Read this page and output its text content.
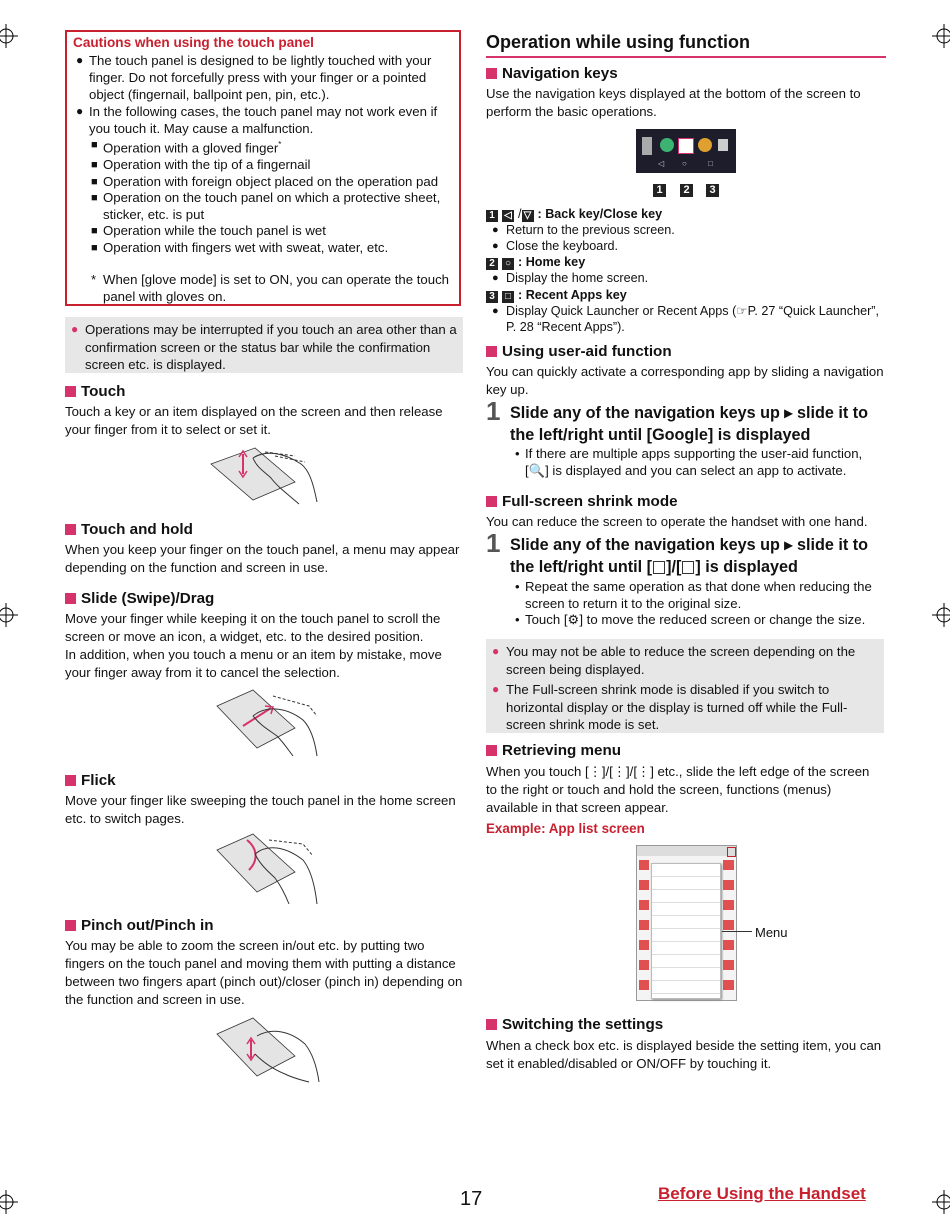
Cautions when using the touch panel
● The touch panel is designed to be lightly touched with your finger. Do not forcefully press with your finger or a pointed object (fingernail, ballpoint pen, pin, etc.).
● In the following cases, the touch panel may not work even if you touch it. May cause a malfunction.
■ Operation with a gloved finger*
■ Operation with the tip of a fingernail
■ Operation with foreign object placed on the operation pad
■ Operation on the touch panel on which a protective sheet, sticker, etc. is put
■ Operation while the touch panel is wet
■ Operation with fingers wet with sweat, water, etc.
* When [glove mode] is set to ON, you can operate the touch panel with gloves on.
● Operations may be interrupted if you touch an area other than a confirmation screen or the status bar while the confirmation screen etc. is displayed.
Touch
Touch a key or an item displayed on the screen and then release your finger from it to select or set it.
Touch and hold
When you keep your finger on the touch panel, a menu may appear depending on the function and screen in use.
Slide (Swipe)/Drag
Move your finger while keeping it on the touch panel to scroll the screen or move an icon, a widget, etc. to the desired position.
In addition, when you touch a menu or an item by mistake, move your finger away from it to cancel the selection.
Flick
Move your finger like sweeping the touch panel in the home screen etc. to switch pages.
Pinch out/Pinch in
You may be able to zoom the screen in/out etc. by putting two fingers on the touch panel and moving them with putting a distance between two fingers apart (pinch out)/closer (pinch in) depending on the function and screen in use.
Operation while using function
Navigation keys
Use the navigation keys displayed at the bottom of the screen to perform the basic operations.
◁ ○	□
1	2	3
1 ◁ / ▽ : Back key/Close key
● Return to the previous screen.
● Close the keyboard.
2 ○ : Home key
● Display the home screen.
3 □ : Recent Apps key
● Display Quick Launcher or Recent Apps (☞P. 27 “Quick Launcher”, P. 28 “Recent Apps”).
Using user-aid function
You can quickly activate a corresponding app by sliding a navigation key up.
1 Slide any of the navigation keys up ▸ slide it to the left/right until [Google] is displayed
• If there are multiple apps supporting the user-aid function,
[🔍] is displayed and you can select an app to activate.
Full-screen shrink mode
You can reduce the screen to operate the handset with one hand.
1 Slide any of the navigation keys up ▸ slide it to the left/right until [ ]/[ ] is displayed
• Repeat the same operation as that done when reducing the screen to return it to the original size.
• Touch [⚙] to move the reduced screen or change the size.
● You may not be able to reduce the screen depending on the screen being displayed.
● The Full-screen shrink mode is disabled if you switch to horizontal display or the display is turned off while the Full-screen shrink mode is set.
Retrieving menu
When you touch [⋮]/[⋮]/[⋮] etc., slide the left edge of the screen to the right or touch and hold the screen, functions (menus) available in that screen appear.
Example: App list screen
Menu
Switching the settings
When a check box etc. is displayed beside the setting item, you can set it enabled/disabled or ON/OFF by touching it.
17	Before Using the Handset
